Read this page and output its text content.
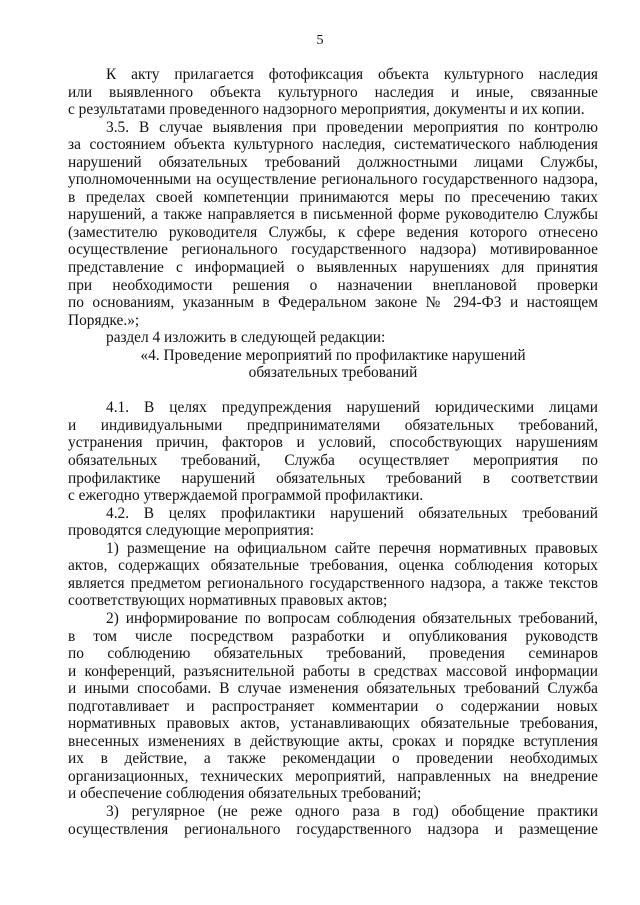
5
К акту прилагается фотофиксация объекта культурного наследия
или выявленного объекта культурного наследия и иные, связанные
с результатами проведенного надзорного мероприятия, документы и их копии.
3.5. В случае выявления при проведении мероприятия по контролю
за состоянием объекта культурного наследия, систематического наблюдения
нарушений обязательных требований должностными лицами Службы,
уполномоченными на осуществление регионального государственного надзора,
в пределах своей компетенции принимаются меры по пресечению таких
нарушений, а также направляется в письменной форме руководителю Службы
(заместителю руководителя Службы, к сфере ведения которого отнесено
осуществление регионального государственного надзора) мотивированное
представление с информацией о выявленных нарушениях для принятия
при необходимости решения о назначении внеплановой проверки
по основаниям, указанным в Федеральном законе № 294-ФЗ и настоящем
Порядке.»;
раздел 4 изложить в следующей редакции:
«4. Проведение мероприятий по профилактике нарушений
обязательных требований
4.1. В целях предупреждения нарушений юридическими лицами
и индивидуальными предпринимателями обязательных требований,
устранения причин, факторов и условий, способствующих нарушениям
обязательных требований, Служба осуществляет мероприятия по
профилактике нарушений обязательных требований в соответствии
с ежегодно утверждаемой программой профилактики.
4.2. В целях профилактики нарушений обязательных требований
проводятся следующие мероприятия:
1) размещение на официальном сайте перечня нормативных правовых
актов, содержащих обязательные требования, оценка соблюдения которых
является предметом регионального государственного надзора, а также текстов
соответствующих нормативных правовых актов;
2) информирование по вопросам соблюдения обязательных требований,
в том числе посредством разработки и опубликования руководств
по соблюдению обязательных требований, проведения семинаров
и конференций, разъяснительной работы в средствах массовой информации
и иными способами. В случае изменения обязательных требований Служба
подготавливает и распространяет комментарии о содержании новых
нормативных правовых актов, устанавливающих обязательные требования,
внесенных изменениях в действующие акты, сроках и порядке вступления
их в действие, а также рекомендации о проведении необходимых
организационных, технических мероприятий, направленных на внедрение
и обеспечение соблюдения обязательных требований;
3) регулярное (не реже одного раза в год) обобщение практики
осуществления регионального государственного надзора и размещение
